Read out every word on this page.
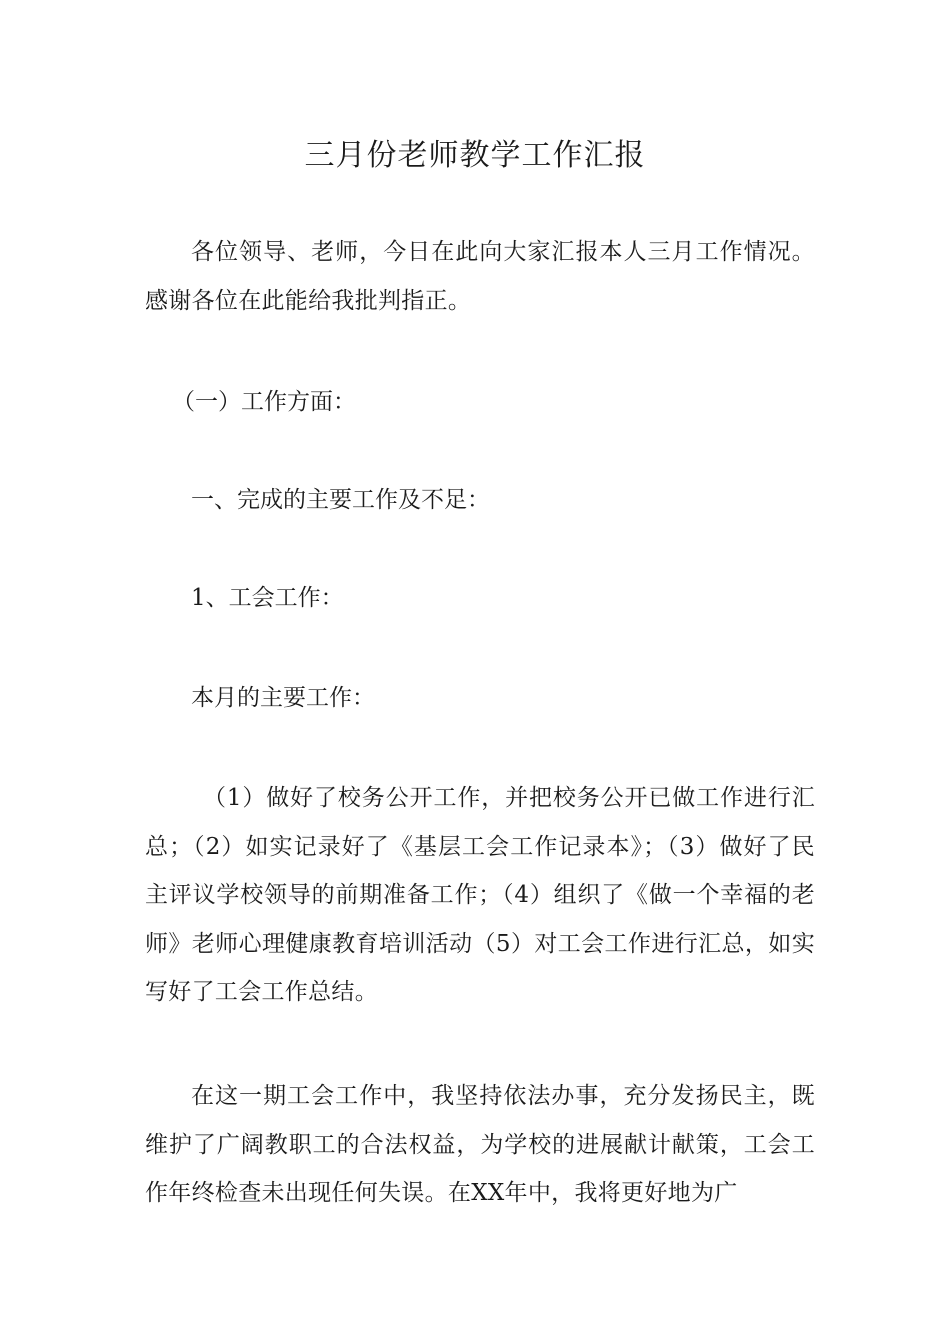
三月份老师教学工作汇报

各位领导、老师，今日在此向大家汇报本人三月工作情况。感谢各位在此能给我批判指正。

（一）工作方面：

一、完成的主要工作及不足：

1、工会工作：

本月的主要工作：

（1）做好了校务公开工作，并把校务公开已做工作进行汇总；（2）如实记录好了《基层工会工作记录本》；（3）做好了民主评议学校领导的前期准备工作；（4）组织了《做一个幸福的老师》老师心理健康教育培训活动（5）对工会工作进行汇总，如实写好了工会工作总结。

在这一期工会工作中，我坚持依法办事，充分发扬民主，既维护了广阔教职工的合法权益，为学校的进展献计献策，工会工作年终检查未出现任何失误。在XX年中，我将更好地为广
